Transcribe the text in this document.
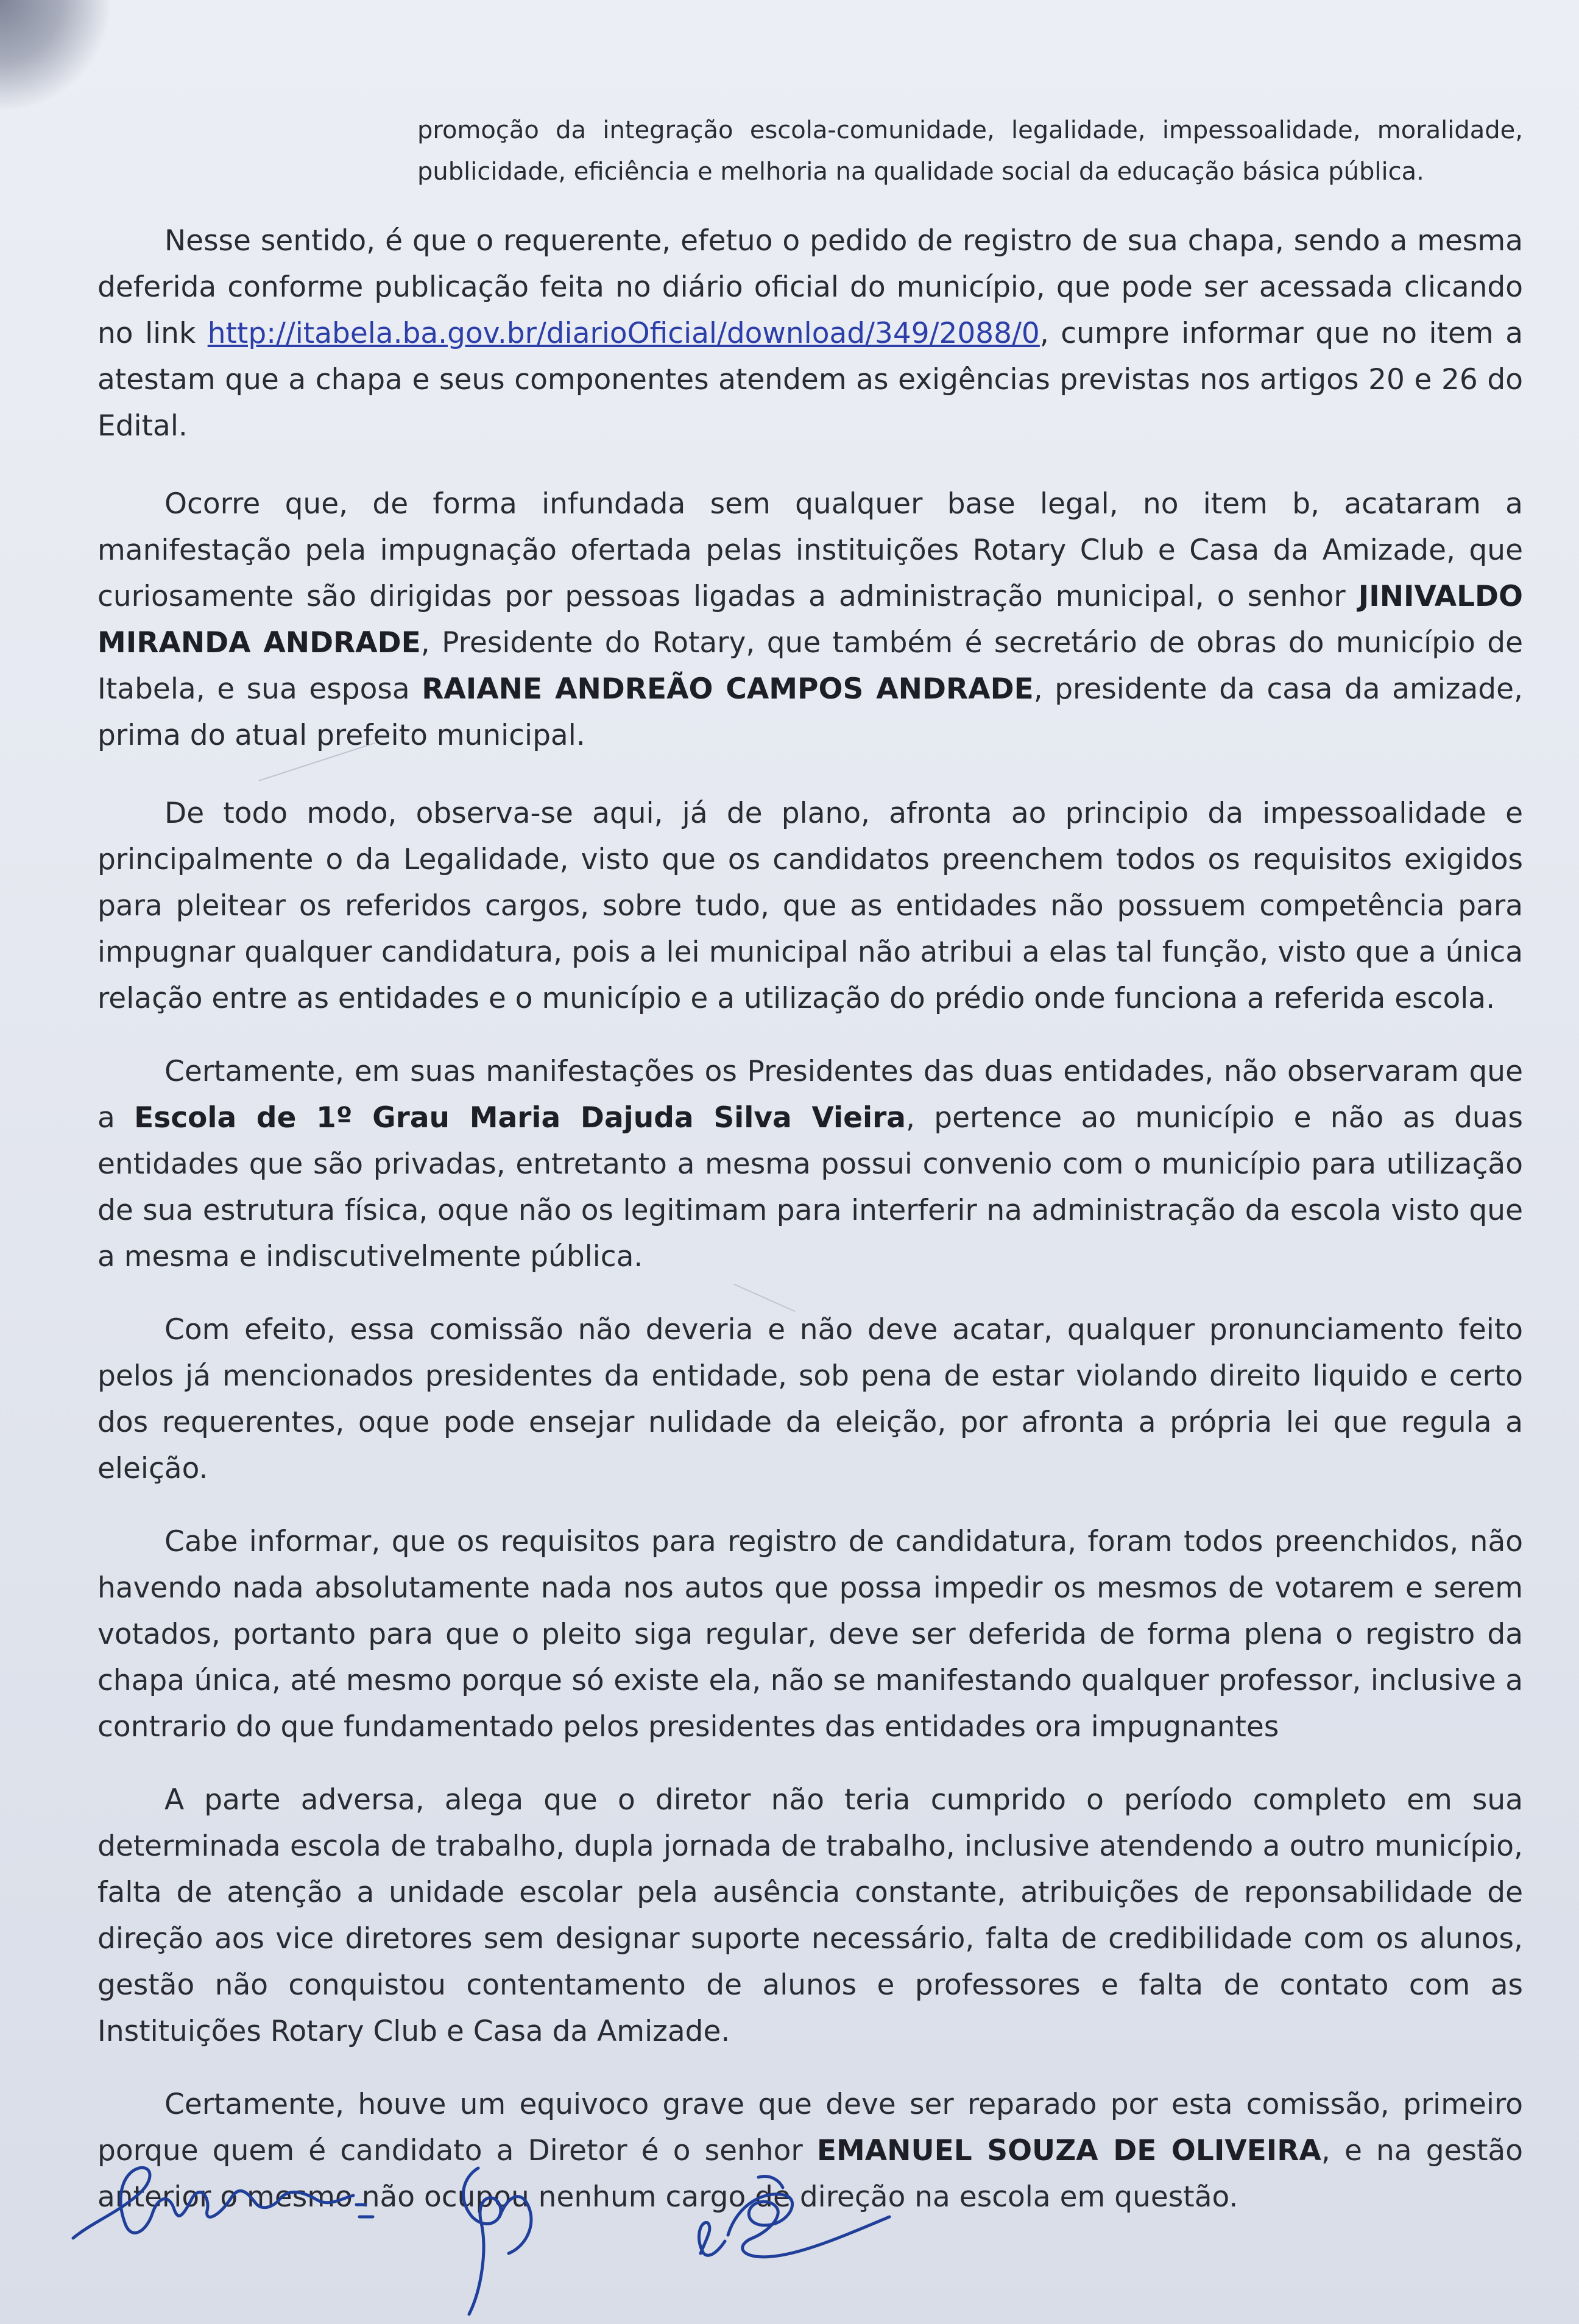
promoção da integração escola-comunidade, legalidade, impessoalidade, moralidade, publicidade, eficiência e melhoria na qualidade social da educação básica pública.

Nesse sentido, é que o requerente, efetuo o pedido de registro de sua chapa, sendo a mesma deferida conforme publicação feita no diário oficial do município, que pode ser acessada clicando no link http://itabela.ba.gov.br/diarioOficial/download/349/2088/0, cumpre informar que no item a atestam que a chapa e seus componentes atendem as exigências previstas nos artigos 20 e 26 do Edital.

Ocorre que, de forma infundada sem qualquer base legal, no item b, acataram a manifestação pela impugnação ofertada pelas instituições Rotary Club e Casa da Amizade, que curiosamente são dirigidas por pessoas ligadas a administração municipal, o senhor JINIVALDO MIRANDA ANDRADE, Presidente do Rotary, que também é secretário de obras do município de Itabela, e sua esposa RAIANE ANDREÃO CAMPOS ANDRADE, presidente da casa da amizade, prima do atual prefeito municipal.

De todo modo, observa-se aqui, já de plano, afronta ao principio da impessoalidade e principalmente o da Legalidade, visto que os candidatos preenchem todos os requisitos exigidos para pleitear os referidos cargos, sobre tudo, que as entidades não possuem competência para impugnar qualquer candidatura, pois a lei municipal não atribui a elas tal função, visto que a única relação entre as entidades e o município e a utilização do prédio onde funciona a referida escola.

Certamente, em suas manifestações os Presidentes das duas entidades, não observaram que a Escola de 1º Grau Maria Dajuda Silva Vieira, pertence ao município e não as duas entidades que são privadas, entretanto a mesma possui convenio com o município para utilização de sua estrutura física, oque não os legitimam para interferir na administração da escola visto que a mesma e indiscutivelmente pública.

Com efeito, essa comissão não deveria e não deve acatar, qualquer pronunciamento feito pelos já mencionados presidentes da entidade, sob pena de estar violando direito liquido e certo dos requerentes, oque pode ensejar nulidade da eleição, por afronta a própria lei que regula a eleição.

Cabe informar, que os requisitos para registro de candidatura, foram todos preenchidos, não havendo nada absolutamente nada nos autos que possa impedir os mesmos de votarem e serem votados, portanto para que o pleito siga regular, deve ser deferida de forma plena o registro da chapa única, até mesmo porque só existe ela, não se manifestando qualquer professor, inclusive a contrario do que fundamentado pelos presidentes das entidades ora impugnantes

A parte adversa, alega que o diretor não teria cumprido o período completo em sua determinada escola de trabalho, dupla jornada de trabalho, inclusive atendendo a outro município, falta de atenção a unidade escolar pela ausência constante, atribuições de reponsabilidade de direção aos vice diretores sem designar suporte necessário, falta de credibilidade com os alunos, gestão não conquistou contentamento de alunos e professores e falta de contato com as Instituições Rotary Club e Casa da Amizade.

Certamente, houve um equivoco grave que deve ser reparado por esta comissão, primeiro porque quem é candidato a Diretor é o senhor EMANUEL SOUZA DE OLIVEIRA, e na gestão anterior o mesmo não ocupou nenhum cargo de direção na escola em questão.
